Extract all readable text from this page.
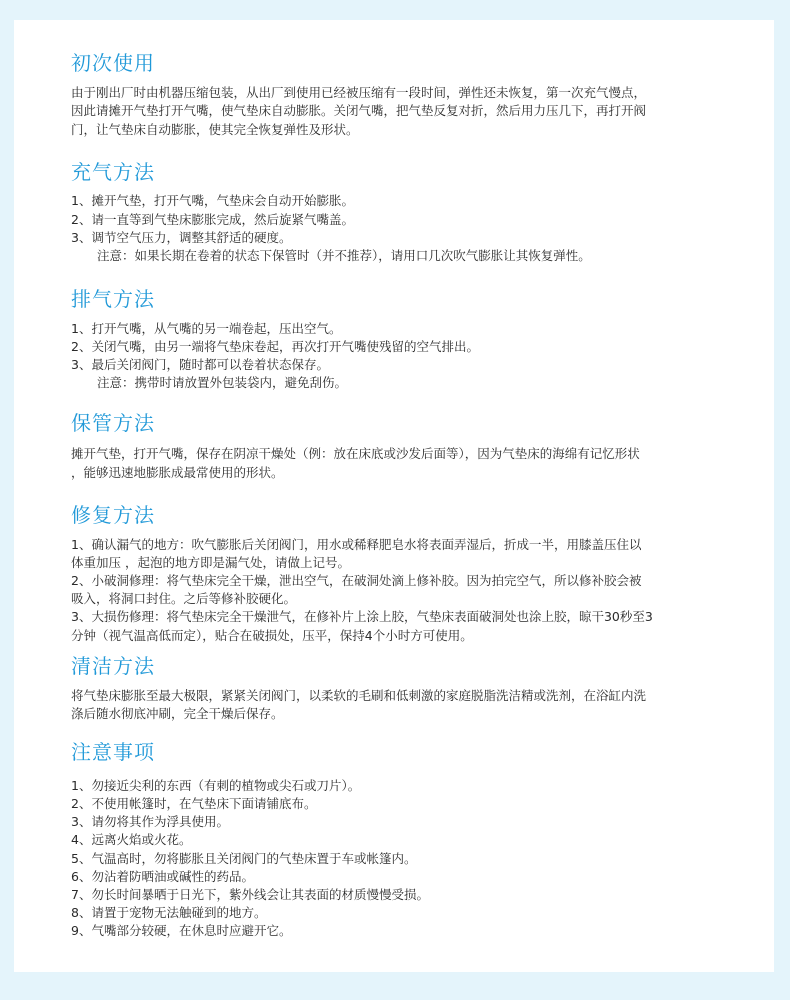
初次使用

由于刚出厂时由机器压缩包装，从出厂到使用已经被压缩有一段时间，弹性还未恢复，第一次充气慢点，

因此请摊开气垫打开气嘴，使气垫床自动膨胀。关闭气嘴，把气垫反复对折，然后用力压几下，再打开阀

门，让气垫床自动膨胀，使其完全恢复弹性及形状。

充气方法

1、摊开气垫，打开气嘴，气垫床会自动开始膨胀。

2、请一直等到气垫床膨胀完成，然后旋紧气嘴盖。

3、调节空气压力，调整其舒适的硬度。

注意：如果长期在卷着的状态下保管时（并不推荐），请用口几次吹气膨胀让其恢复弹性。

排气方法

1、打开气嘴，从气嘴的另一端卷起，压出空气。

2、关闭气嘴，由另一端将气垫床卷起，再次打开气嘴使残留的空气排出。

3、最后关闭阀门，随时都可以卷着状态保存。

注意：携带时请放置外包装袋内，避免刮伤。

保管方法

摊开气垫，打开气嘴，保存在阴凉干燥处（例：放在床底或沙发后面等），因为气垫床的海绵有记忆形状

，能够迅速地膨胀成最常使用的形状。

修复方法

1、确认漏气的地方：吹气膨胀后关闭阀门，用水或稀释肥皂水将表面弄湿后，折成一半，用膝盖压住以

体重加压 ，起泡的地方即是漏气处，请做上记号。

2、小破洞修理：将气垫床完全干燥，泄出空气，在破洞处滴上修补胶。因为拍完空气，所以修补胶会被

吸入，将洞口封住。之后等修补胶硬化。

3、大损伤修理：将气垫床完全干燥泄气，在修补片上涂上胶，气垫床表面破洞处也涂上胶，晾干30秒至3

分钟（视气温高低而定），贴合在破损处，压平，保持4个小时方可使用。

清洁方法

将气垫床膨胀至最大极限，紧紧关闭阀门，以柔软的毛刷和低刺激的家庭脱脂洗洁精或洗剂，在浴缸内洗

涤后随水彻底冲刷，完全干燥后保存。

注意事项

1、勿接近尖利的东西（有刺的植物或尖石或刀片）。

2、不使用帐篷时，在气垫床下面请铺底布。

3、请勿将其作为浮具使用。

4、远离火焰或火花。

5、气温高时，勿将膨胀且关闭阀门的气垫床置于车或帐篷内。

6、勿沾着防晒油或碱性的药品。

7、勿长时间暴晒于日光下，紫外线会让其表面的材质慢慢受损。

8、请置于宠物无法触碰到的地方。

9、气嘴部分较硬，在休息时应避开它。
